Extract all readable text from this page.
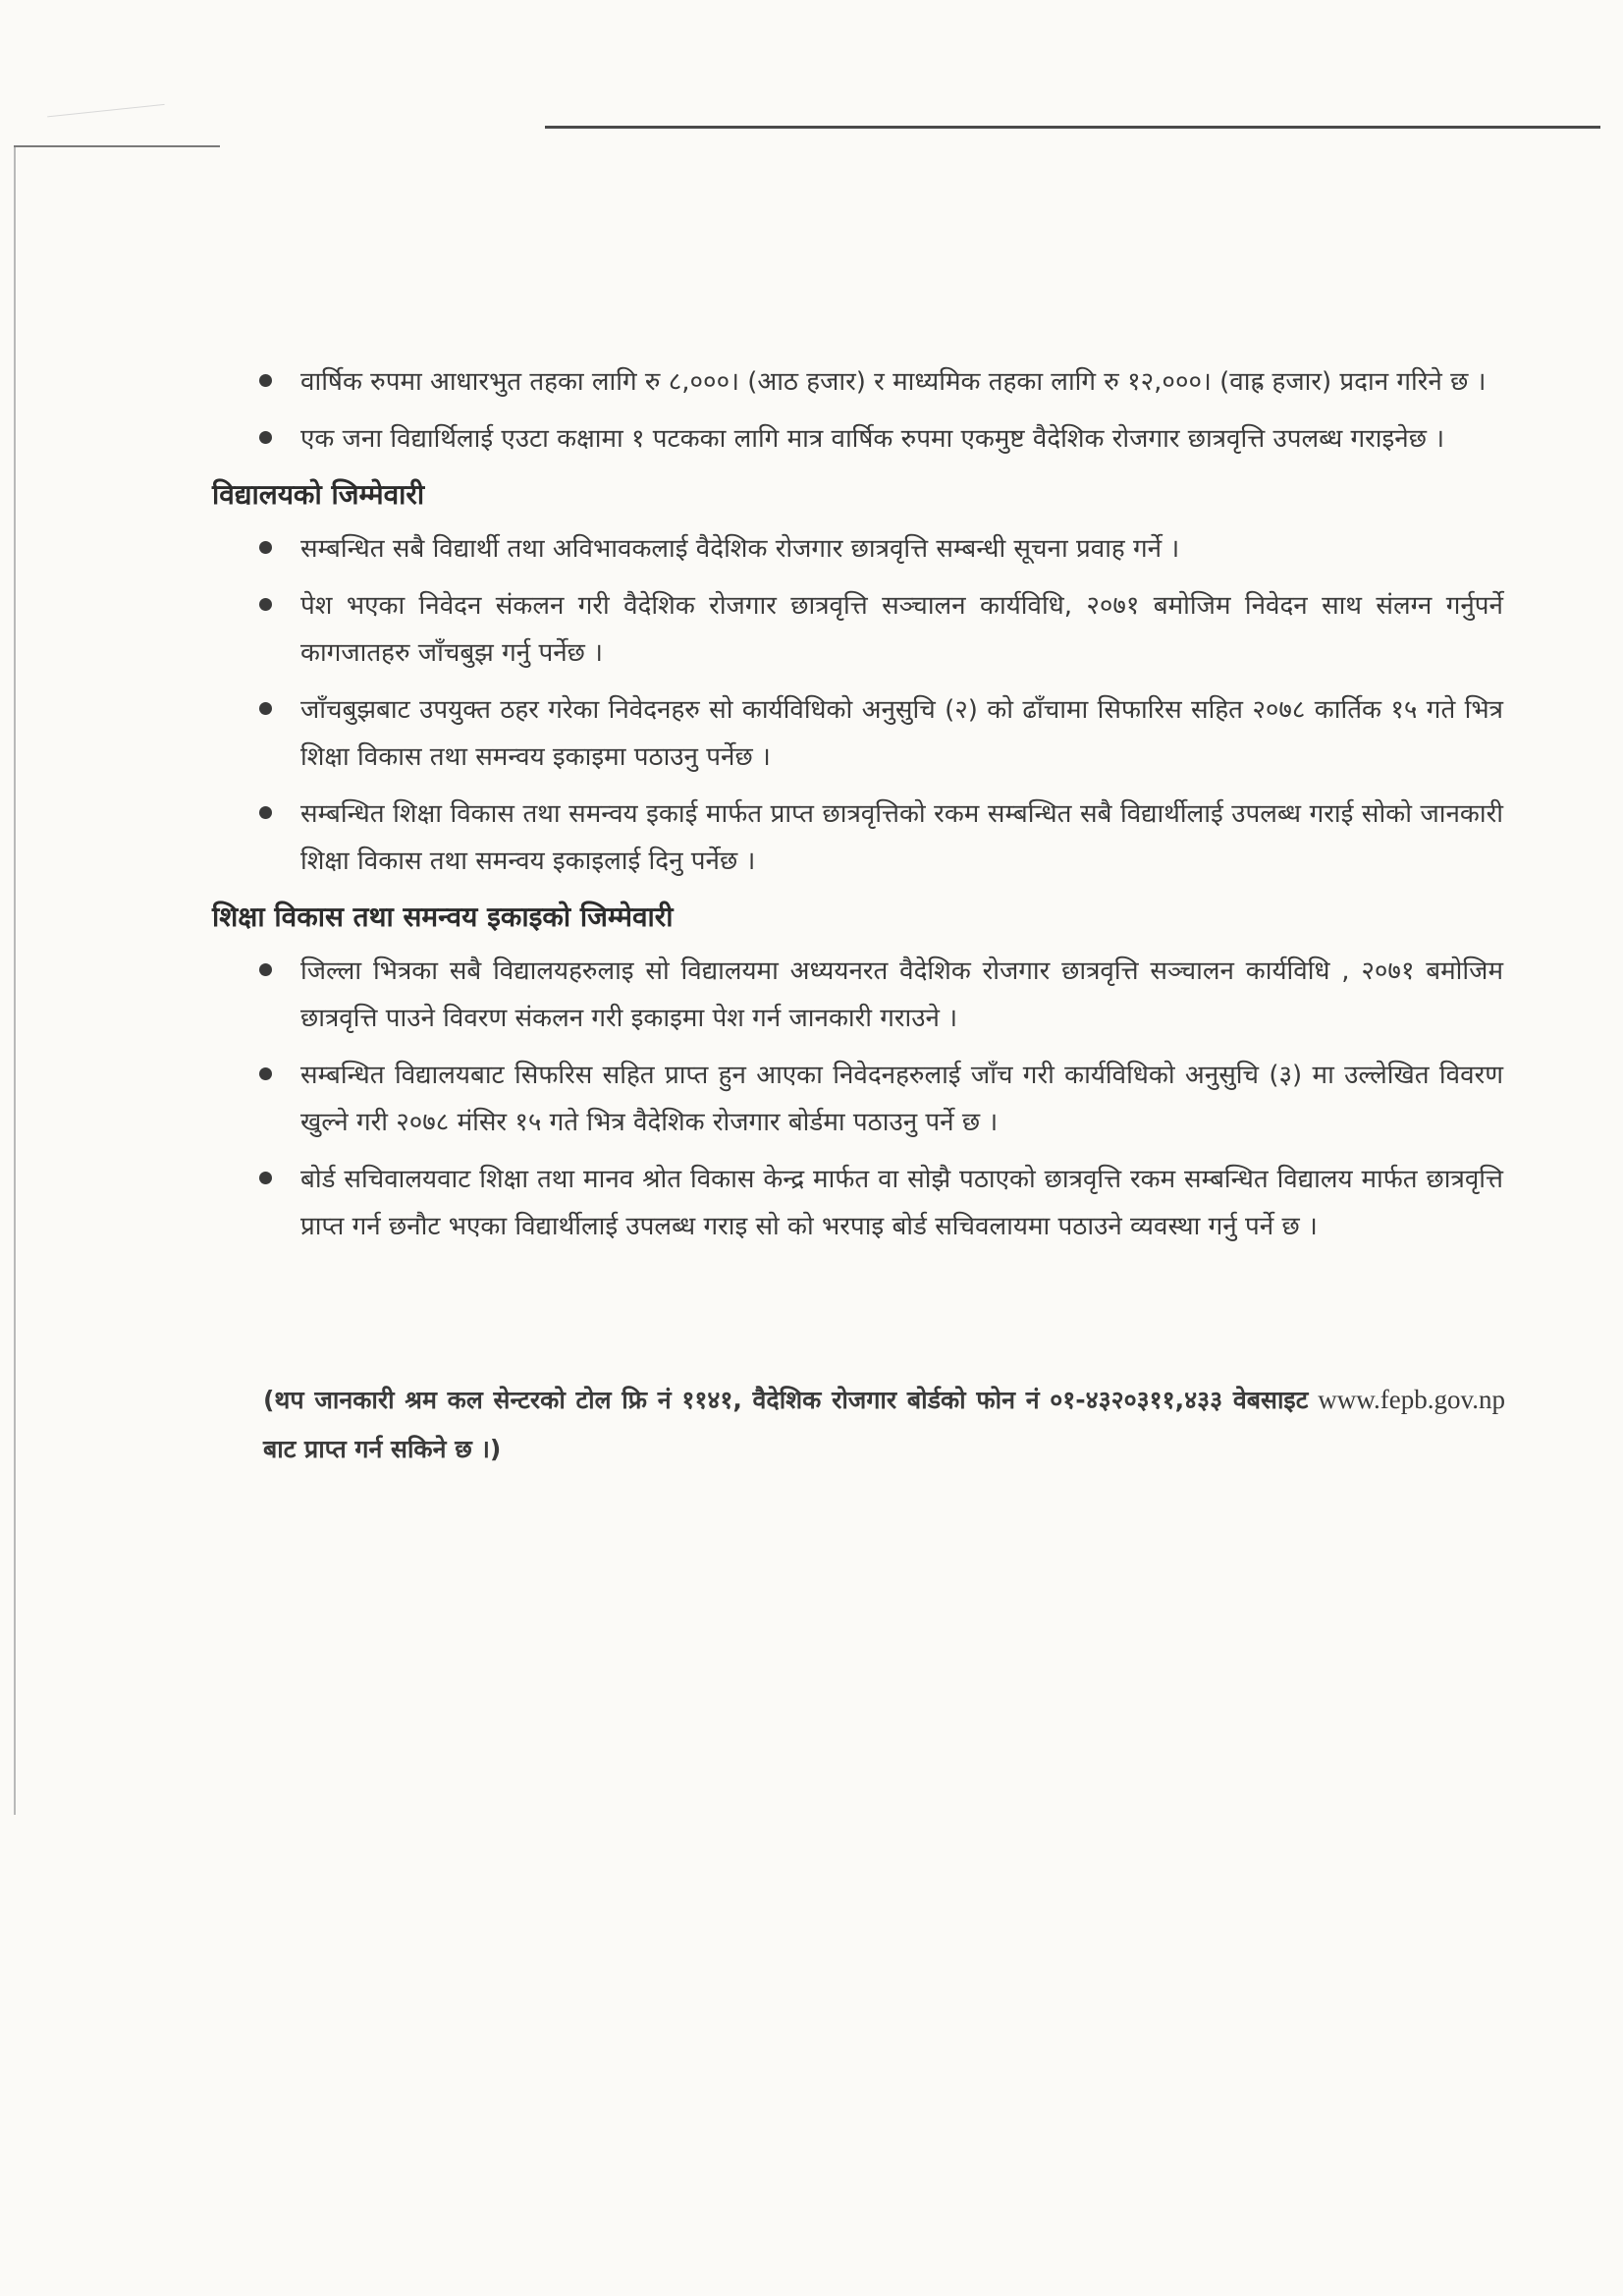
वार्षिक रुपमा आधारभुत तहका लागि रु ८,०००। (आठ हजार) र माध्यमिक तहका लागि रु १२,०००। (वाह्र हजार) प्रदान गरिने छ ।
एक जना विद्यार्थिलाई एउटा कक्षामा १ पटकका लागि मात्र वार्षिक रुपमा एकमुष्ट वैदेशिक रोजगार छात्रवृत्ति उपलब्ध गराइनेछ ।
विद्यालयको जिम्मेवारी
सम्बन्धित सबै विद्यार्थी तथा अविभावकलाई वैदेशिक रोजगार छात्रवृत्ति सम्बन्धी सूचना प्रवाह गर्ने ।
पेश भएका निवेदन संकलन गरी वैदेशिक रोजगार छात्रवृत्ति सञ्चालन कार्यविधि, २०७१ बमोजिम निवेदन साथ संलग्न गर्नुपर्ने कागजातहरु जाँचबुझ गर्नु पर्नेछ ।
जाँचबुझबाट उपयुक्त ठहर गरेका निवेदनहरु सो कार्यविधिको अनुसुचि (२) को ढाँचामा सिफारिस सहित २०७८ कार्तिक १५ गते भित्र शिक्षा विकास तथा समन्वय इकाइमा पठाउनु पर्नेछ ।
सम्बन्धित शिक्षा विकास तथा समन्वय इकाई मार्फत प्राप्त छात्रवृत्तिको रकम सम्बन्धित सबै विद्यार्थीलाई उपलब्ध गराई सोको जानकारी शिक्षा विकास तथा समन्वय इकाइलाई दिनु पर्नेछ ।
शिक्षा विकास तथा समन्वय इकाइको जिम्मेवारी
जिल्ला भित्रका सबै विद्यालयहरुलाइ सो विद्यालयमा अध्ययनरत वैदेशिक रोजगार छात्रवृत्ति सञ्चालन कार्यविधि , २०७१ बमोजिम छात्रवृत्ति पाउने विवरण संकलन गरी इकाइमा पेश गर्न जानकारी गराउने ।
सम्बन्धित विद्यालयबाट सिफरिस सहित प्राप्त हुन आएका निवेदनहरुलाई जाँच गरी कार्यविधिको अनुसुचि (३) मा उल्लेखित विवरण खुल्ने गरी २०७८ मंसिर १५ गते भित्र वैदेशिक रोजगार बोर्डमा पठाउनु पर्ने छ ।
बोर्ड सचिवालयवाट शिक्षा तथा मानव श्रोत विकास केन्द्र मार्फत वा सोझै पठाएको छात्रवृत्ति रकम सम्बन्धित विद्यालय मार्फत छात्रवृत्ति प्राप्त गर्न छनौट भएका विद्यार्थीलाई उपलब्ध गराइ सो को भरपाइ बोर्ड सचिवलायमा पठाउने व्यवस्था गर्नु पर्ने छ ।
(थप जानकारी श्रम कल सेन्टरको टोल फ्रि नं ११४१, वैदेशिक रोजगार बोर्डको फोन नं ०१-४३२०३११,४३३ वेबसाइट www.fepb.gov.np बाट प्राप्त गर्न सकिने छ ।)
